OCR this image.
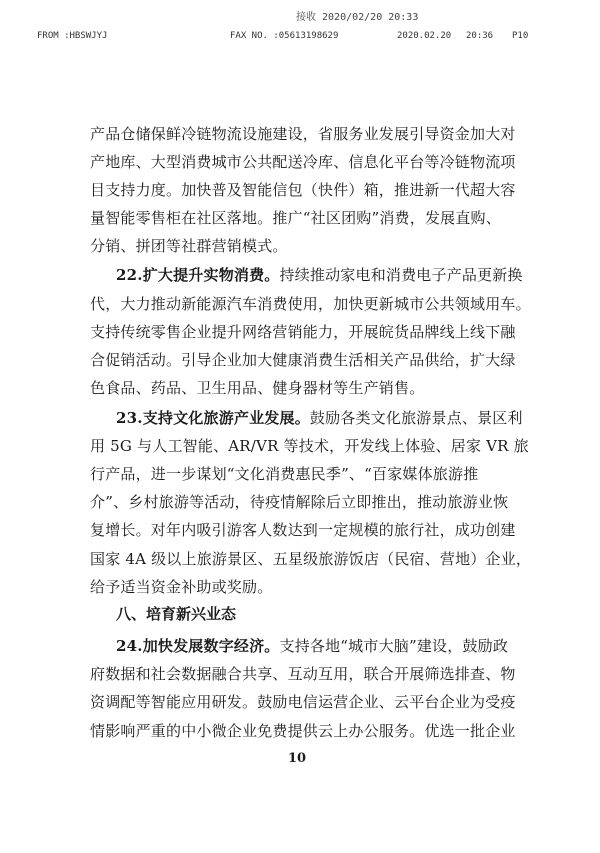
接收 2020/02/20 20:33
FROM :HBSWJYJ	FAX NO. :05613198629	2020.02.20 20:36 P10
产品仓储保鲜冷链物流设施建设，省服务业发展引导资金加大对
产地库、大型消费城市公共配送冷库、信息化平台等冷链物流项
目支持力度。加快普及智能信包（快件）箱，推进新一代超大容
量智能零售柜在社区落地。推广“社区团购”消费，发展直购、
分销、拼团等社群营销模式。
22.扩大提升实物消费。持续推动家电和消费电子产品更新换
代，大力推动新能源汽车消费使用，加快更新城市公共领域用车。
支持传统零售企业提升网络营销能力，开展皖货品牌线上线下融
合促销活动。引导企业加大健康消费生活相关产品供给，扩大绿
色食品、药品、卫生用品、健身器材等生产销售。
23.支持文化旅游产业发展。鼓励各类文化旅游景点、景区利
用 5G 与人工智能、AR/VR 等技术，开发线上体验、居家 VR 旅
行产品，进一步谋划“文化消费惠民季”、“百家媒体旅游推
介”、乡村旅游等活动，待疫情解除后立即推出，推动旅游业恢
复增长。对年内吸引游客人数达到一定规模的旅行社，成功创建
国家 4A 级以上旅游景区、五星级旅游饭店（民宿、营地）企业，
给予适当资金补助或奖励。
24.加快发展数字经济。支持各地“城市大脑”建设，鼓励政
府数据和社会数据融合共享、互动互用，联合开展筛选排查、物
资调配等智能应用研发。鼓励电信运营企业、云平台企业为受疫
情影响严重的中小微企业免费提供云上办公服务。优选一批企业
八、培育新兴业态
10
